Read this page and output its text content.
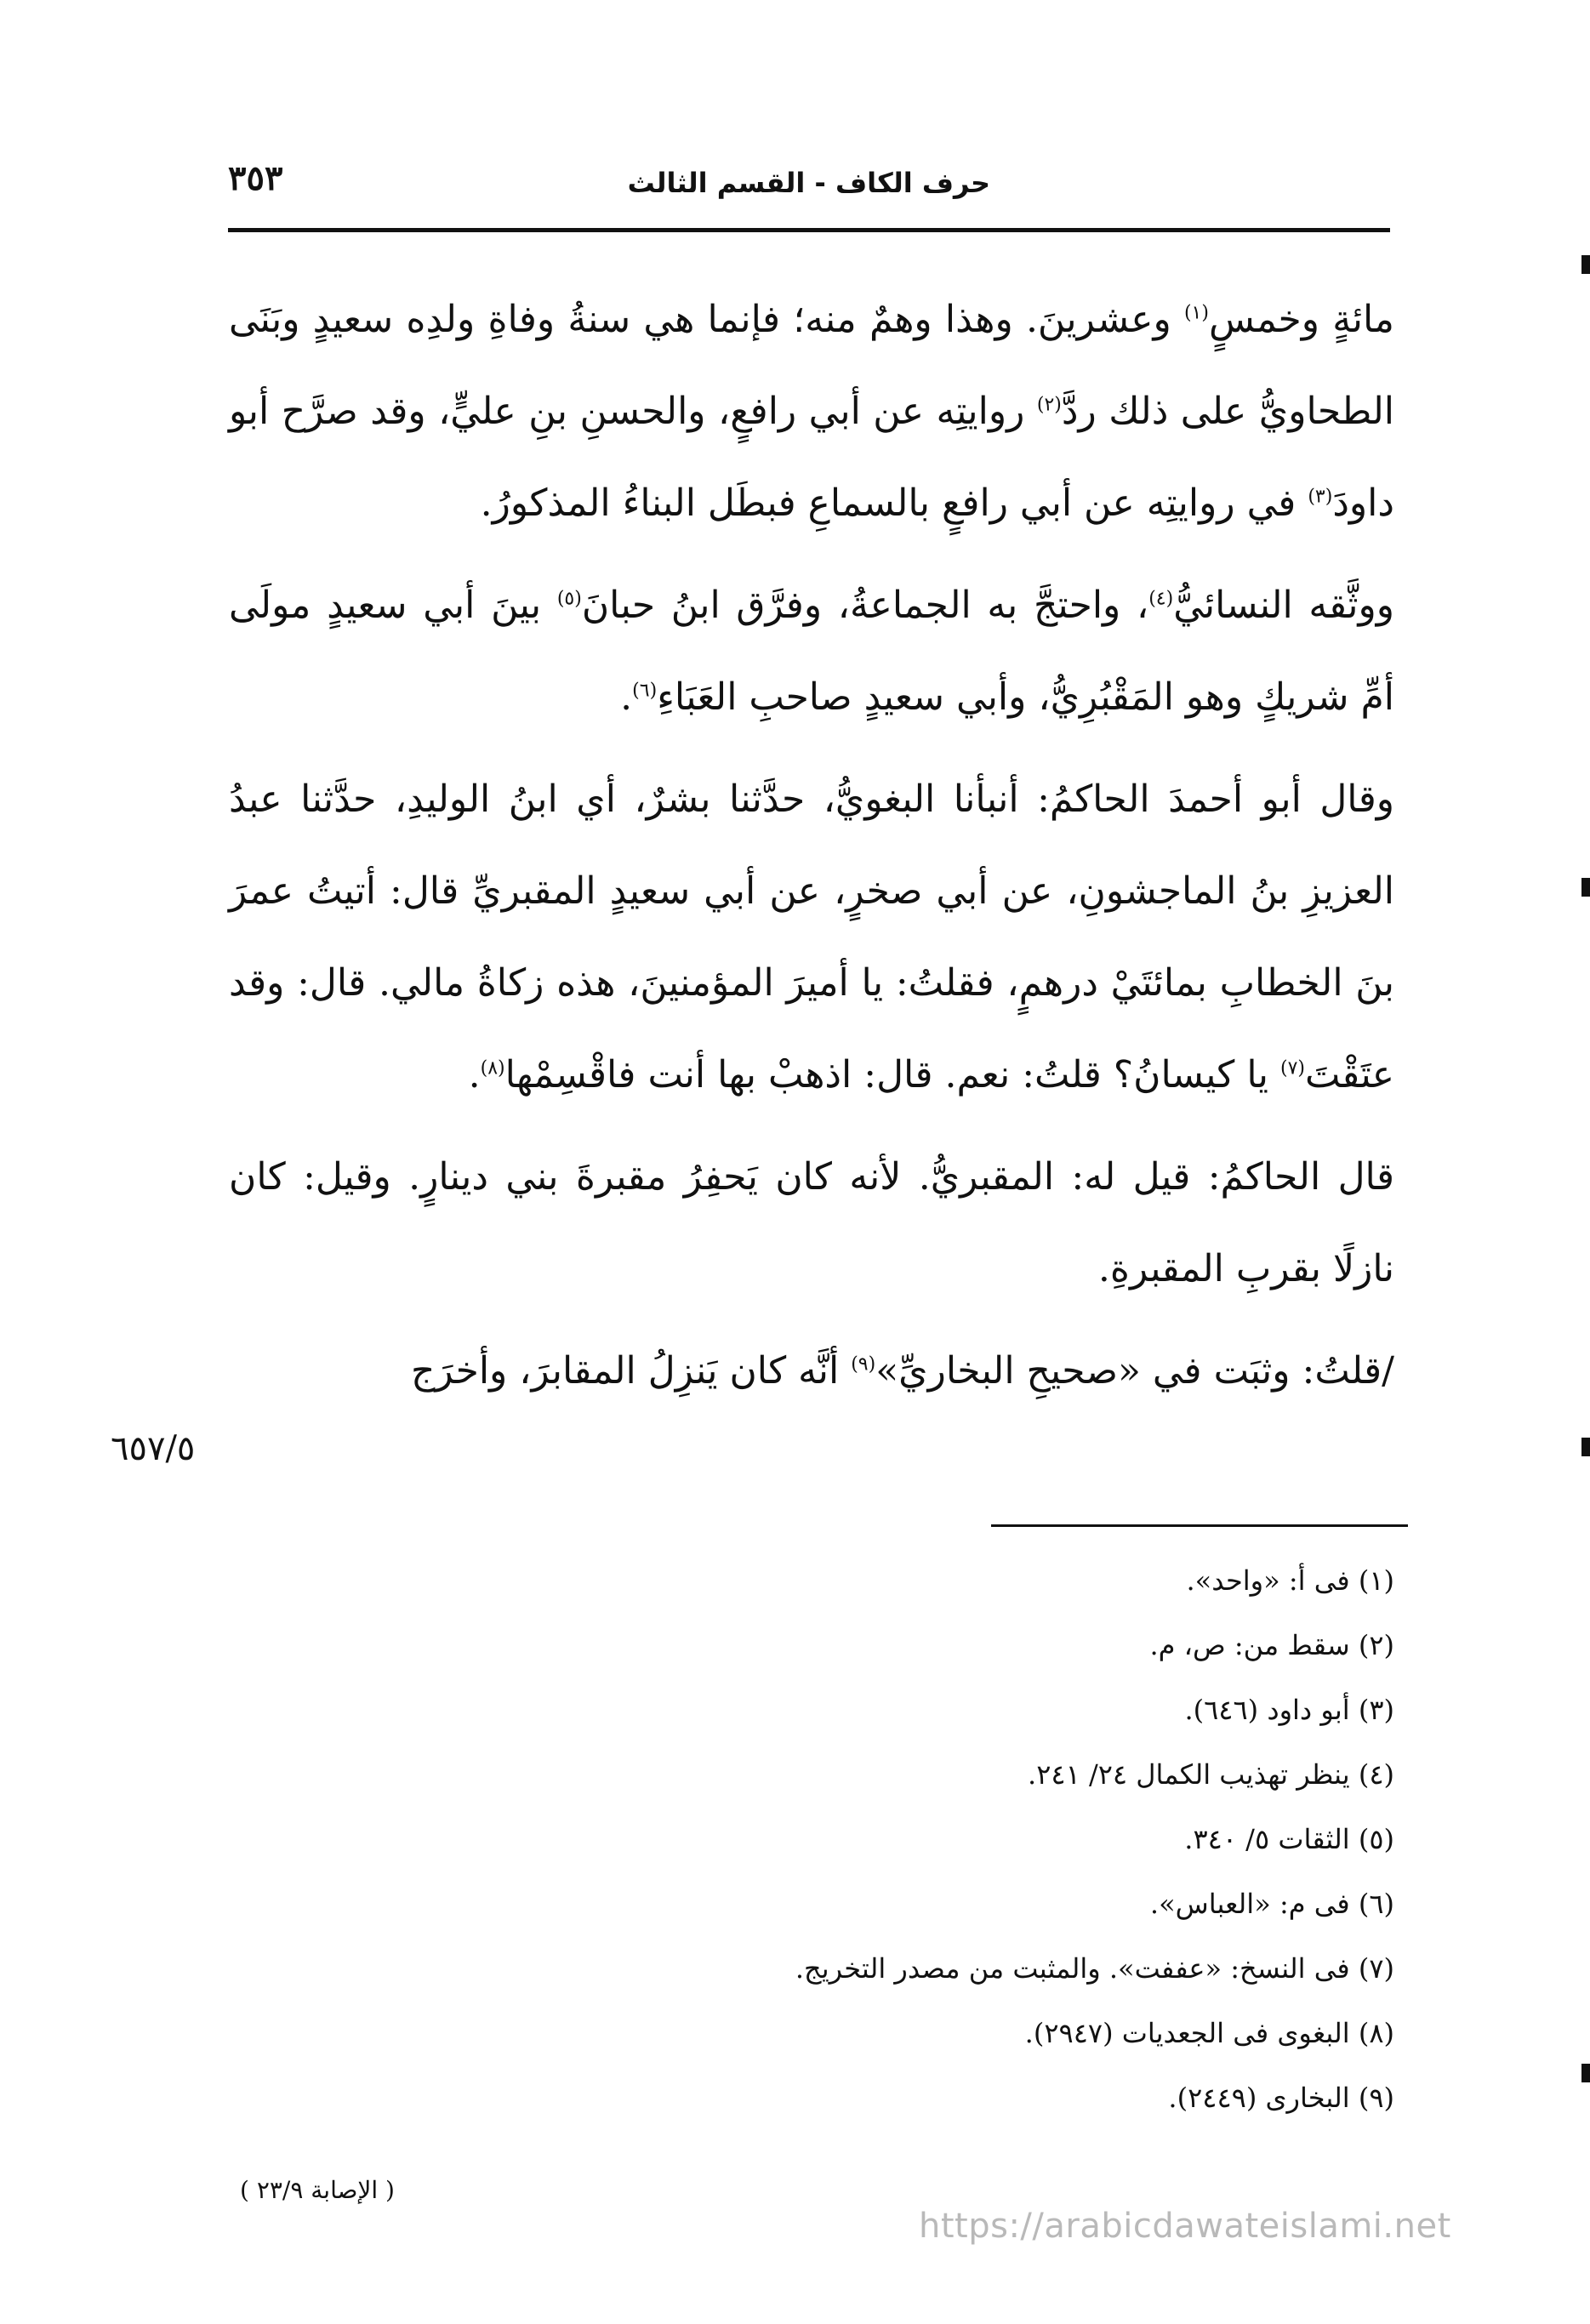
حرف الكاف - القسم الثالث
٣٥٣

مائةٍ وخمسٍ$^{(١)}$ وعشرينَ. وهذا وهمٌ منه؛ فإنما هي سنةُ وفاةِ ولدِه سعيدٍ وبَنَى الطحاويُّ على ذلك ردَّ$^{(٢)}$ روايتِه عن أبي رافعٍ، والحسنِ بنِ عليٍّ، وقد صرَّح أبو داودَ$^{(٣)}$ في روايتِه عن أبي رافعٍ بالسماعِ فبطَل البناءُ المذكورُ.

ووثَّقه النسائيُّ$^{(٤)}$، واحتجَّ به الجماعةُ، وفرَّق ابنُ حبانَ$^{(٥)}$ بينَ أبي سعيدٍ مولَى أمِّ شريكٍ وهو المَقْبُرِيُّ، وأبي سعيدٍ صاحبِ العَبَاءِ$^{(٦)}$.

وقال أبو أحمدَ الحاكمُ: أنبأنا البغويُّ، حدَّثنا بشرٌ، أي ابنُ الوليدِ، حدَّثنا عبدُ العزيزِ بنُ الماجشونِ، عن أبي صخرٍ، عن أبي سعيدٍ المقبريِّ قال: أتيتُ عمرَ بنَ الخطابِ بمائتَيْ درهمٍ، فقلتُ: يا أميرَ المؤمنينَ، هذه زكاةُ مالي. قال: وقد عتَقْتَ$^{(٧)}$ يا كيسانُ؟ قلتُ: نعم. قال: اذهبْ بها أنت فاقْسِمْها$^{(٨)}$.

قال الحاكمُ: قيل له: المقبريُّ. لأنه كان يَحفِرُ مقبرةَ بني دينارٍ. وقيل: كان نازلًا بقربِ المقبرةِ.

/قلتُ: وثبَت في «صحيحِ البخاريِّ»$^{(٩)}$ أنَّه كان يَنزِلُ المقابرَ، وأخرَج

٦٥٧/٥
(١) فى أ: «واحد».
(٢) سقط من: ص، م.
(٣) أبو داود (٦٤٦).
(٤) ينظر تهذيب الكمال ٢٤/ ٢٤١.
(٥) الثقات ٥/ ٣٤٠.
(٦) فى م: «العباس».
(٧) فى النسخ: «عففت». والمثبت من مصدر التخريج.
(٨) البغوى فى الجعديات (٢٩٤٧).
(٩) البخارى (٢٤٤٩).
( الإصابة ٢٣/٩ )
https://arabicdawateislami.net
